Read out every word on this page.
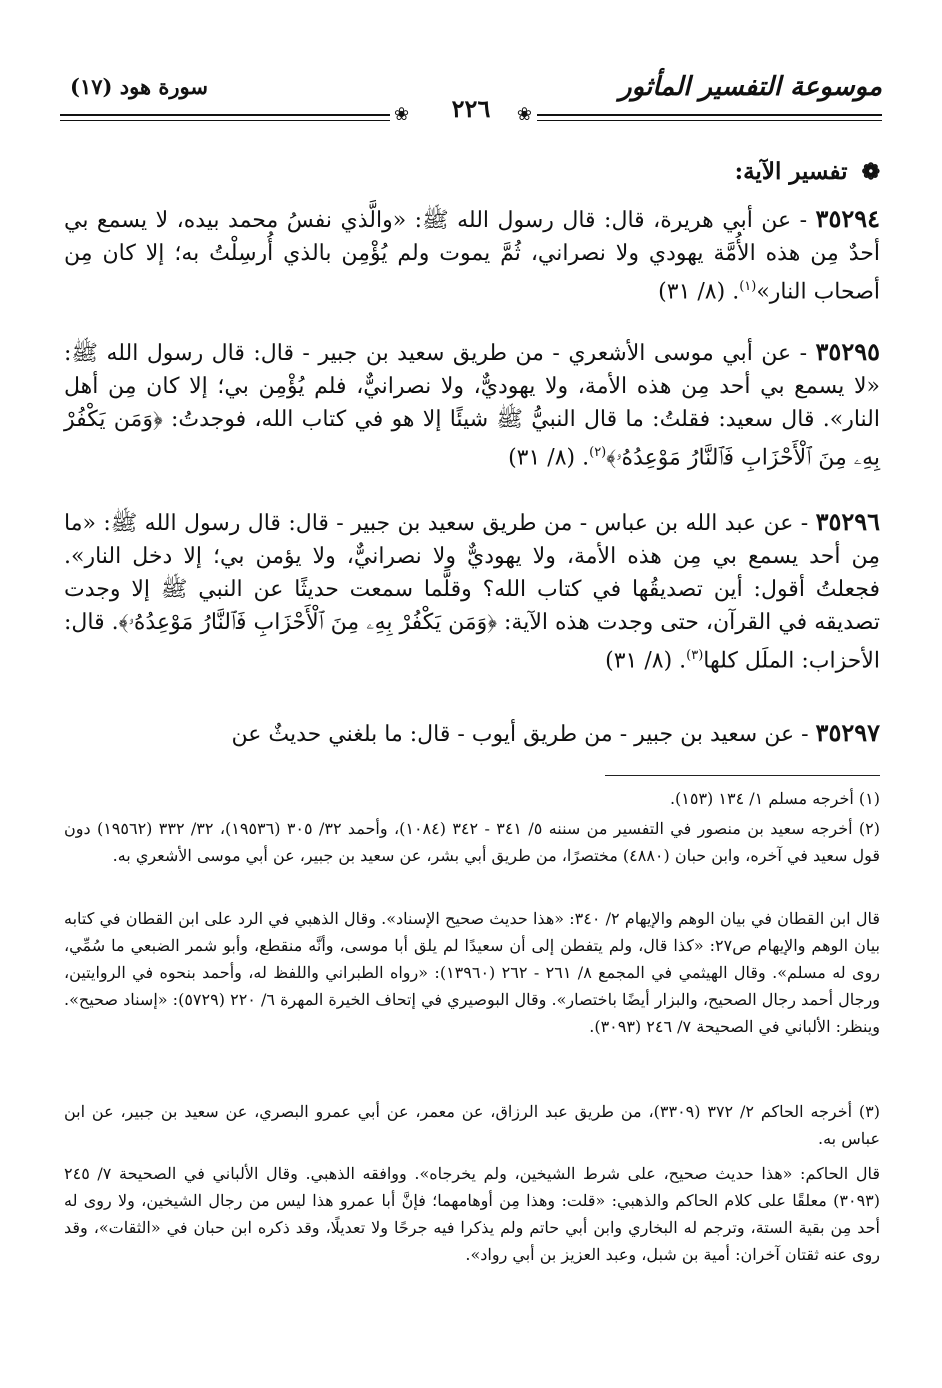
موسوعة التفسير المأثور
سورة هود (١٧)
❀
❀	٢٢٦
❁ تفسير الآية:
٣٥٢٩٤ - عن أبي هريرة، قال: قال رسول الله ﷺ: «والَّذي نفسُ محمد بيده، لا يسمع بي أحدٌ مِن هذه الأُمَّة يهودي ولا نصراني، ثُمَّ يموت ولم يُؤْمِن بالذي أُرسِلْتُ به؛ إلا كان مِن أصحاب النار»$^{(١)}$. (٨/ ٣١)
٣٥٢٩٥ - عن أبي موسى الأشعري - من طريق سعيد بن جبير - قال: قال رسول الله ﷺ: «لا يسمع بي أحد مِن هذه الأمة، ولا يهوديٌّ، ولا نصرانيٌّ، فلم يُؤْمِن بي؛ إلا كان مِن أهل النار». قال سعيد: فقلتُ: ما قال النبيُّ ﷺ شيئًا إلا هو في كتاب الله، فوجدتُ: ﴿وَمَن يَكْفُرْ بِهِۦ مِنَ ٱلْأَحْزَابِ فَٱلنَّارُ مَوْعِدُهُۥ﴾$^{(٢)}$. (٨/ ٣١)
٣٥٢٩٦ - عن عبد الله بن عباس - من طريق سعيد بن جبير - قال: قال رسول الله ﷺ: «ما مِن أحد يسمع بي مِن هذه الأمة، ولا يهوديٌّ ولا نصرانيٌّ، ولا يؤمن بي؛ إلا دخل النار». فجعلتُ أقول: أين تصديقُها في كتاب الله؟ وقلَّما سمعت حديثًا عن النبي ﷺ إلا وجدت تصديقه في القرآن، حتى وجدت هذه الآية: ﴿وَمَن يَكْفُرْ بِهِۦ مِنَ ٱلْأَحْزَابِ فَٱلنَّارُ مَوْعِدُهُۥ﴾. قال: الأحزاب: الملَل كلها$^{(٣)}$. (٨/ ٣١)
٣٥٢٩٧ - عن سعيد بن جبير - من طريق أيوب - قال: ما بلغني حديثٌ عن
(١) أخرجه مسلم ١/ ١٣٤ (١٥٣).
(٢) أخرجه سعيد بن منصور في التفسير من سننه ٥/ ٣٤١ - ٣٤٢ (١٠٨٤)، وأحمد ٣٢/ ٣٠٥ (١٩٥٣٦)، ٣٢/ ٣٣٢ (١٩٥٦٢) دون قول سعيد في آخره، وابن حبان (٤٨٨٠) مختصرًا، من طريق أبي بشر، عن سعيد بن جبير، عن أبي موسى الأشعري به.
قال ابن القطان في بيان الوهم والإيهام ٢/ ٣٤٠: «هذا حديث صحيح الإسناد». وقال الذهبي في الرد على ابن القطان في كتابه بيان الوهم والإيهام ص٢٧: «كذا قال، ولم يتفطن إلى أن سعيدًا لم يلق أبا موسى، وأنَّه منقطع، وأبو شمر الضبعي ما سُمِّي، روى له مسلم». وقال الهيثمي في المجمع ٨/ ٢٦١ - ٢٦٢ (١٣٩٦٠): «رواه الطبراني واللفظ له، وأحمد بنحوه في الروايتين، ورجال أحمد رجال الصحيح، والبزار أيضًا باختصار». وقال البوصيري في إتحاف الخيرة المهرة ٦/ ٢٢٠ (٥٧٢٩): «إسناد صحيح». وينظر: الألباني في الصحيحة ٧/ ٢٤٦ (٣٠٩٣).
(٣) أخرجه الحاكم ٢/ ٣٧٢ (٣٣٠٩)، من طريق عبد الرزاق، عن معمر، عن أبي عمرو البصري، عن سعيد بن جبير، عن ابن عباس به.
قال الحاكم: «هذا حديث صحيح، على شرط الشيخين، ولم يخرجاه». ووافقه الذهبي. وقال الألباني في الصحيحة ٧/ ٢٤٥ (٣٠٩٣) معلقًا على كلام الحاكم والذهبي: «قلت: وهذا مِن أوهامهما؛ فإنَّ أبا عمرو هذا ليس من رجال الشيخين، ولا روى له أحد مِن بقية الستة، وترجم له البخاري وابن أبي حاتم ولم يذكرا فيه جرحًا ولا تعديلًا، وقد ذكره ابن حبان في «الثقات»، وقد روى عنه ثقتان آخران: أمية بن شبل، وعبد العزيز بن أبي رواد».
